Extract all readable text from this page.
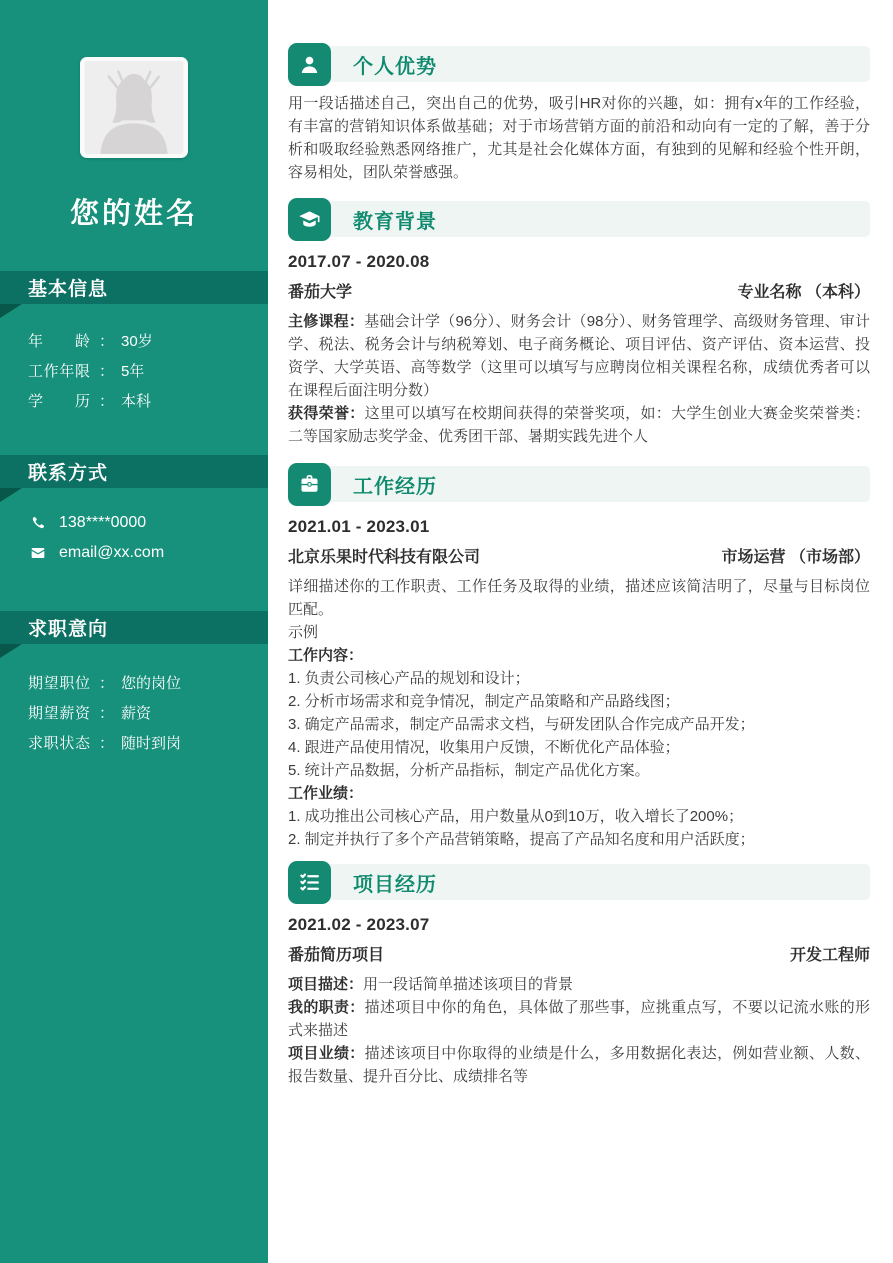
您的姓名
基本信息
年龄 ： 30岁
工作年限 ： 5年
学历 ： 本科
联系方式
138****0000
email@xx.com
求职意向
期望职位 ： 您的岗位
期望薪资 ： 薪资
求职状态 ： 随时到岗
个人优势

用一段话描述自己，突出自己的优势，吸引HR对你的兴趣，如：拥有x年的工作经验，有丰富的营销知识体系做基础；对于市场营销方面的前沿和动向有一定的了解，善于分析和吸取经验熟悉网络推广，尤其是社会化媒体方面，有独到的见解和经验个性开朗，容易相处，团队荣誉感强。

教育背景
2017.07 - 2020.08
番茄大学	专业名称 （本科）

主修课程：基础会计学（96分）、财务会计（98分）、财务管理学、高级财务管理、审计学、税法、税务会计与纳税筹划、电子商务概论、项目评估、资产评估、资本运营、投资学、大学英语、高等数学（这里可以填写与应聘岗位相关课程名称，成绩优秀者可以在课程后面注明分数）

获得荣誉：这里可以填写在校期间获得的荣誉奖项，如：大学生创业大赛金奖荣誉类：二等国家励志奖学金、优秀团干部、暑期实践先进个人

工作经历
2021.01 - 2023.01
北京乐果时代科技有限公司	市场运营 （市场部）

详细描述你的工作职责、工作任务及取得的业绩，描述应该简洁明了，尽量与目标岗位匹配。

示例

工作内容：

1. 负责公司核心产品的规划和设计；

2. 分析市场需求和竞争情况，制定产品策略和产品路线图；

3. 确定产品需求，制定产品需求文档，与研发团队合作完成产品开发；

4. 跟进产品使用情况，收集用户反馈，不断优化产品体验；

5. 统计产品数据，分析产品指标，制定产品优化方案。

工作业绩：

1. 成功推出公司核心产品，用户数量从0到10万，收入增长了200%；

2. 制定并执行了多个产品营销策略，提高了产品知名度和用户活跃度；

项目经历
2021.02 - 2023.07
番茄简历项目	开发工程师

项目描述：用一段话简单描述该项目的背景

我的职责：描述项目中你的角色，具体做了那些事，应挑重点写，不要以记流水账的形式来描述

项目业绩：描述该项目中你取得的业绩是什么，多用数据化表达，例如营业额、人数、报告数量、提升百分比、成绩排名等
